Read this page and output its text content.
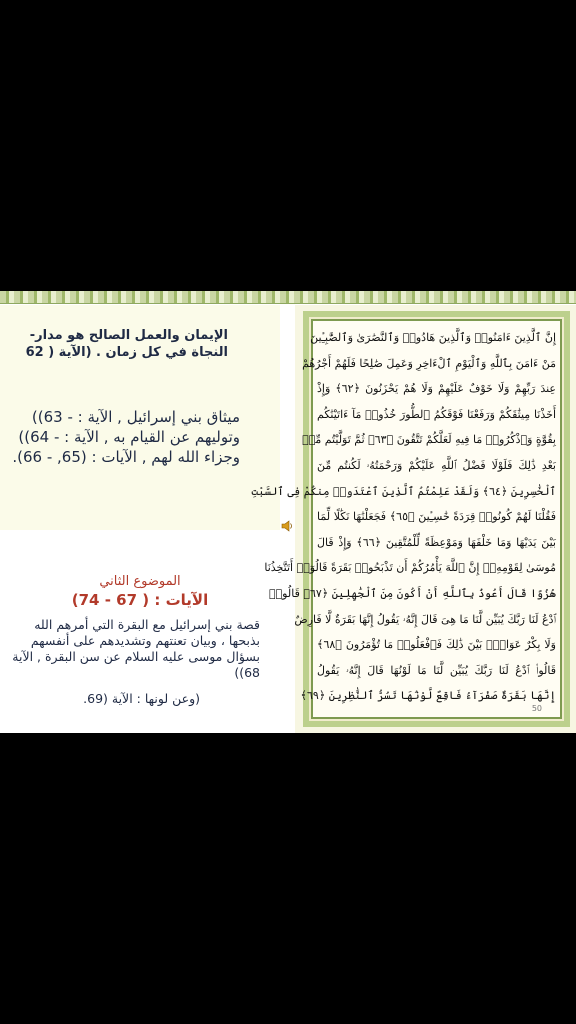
الإيمان والعمل الصالح هو مدار- النجاة في كل زمان . (الآية ( 62
ميثاق بني إسرائيل , الآية : - 63)) وتوليهم عن القيام به , الآية : - 64)) وجزاء الله لهم , الآيات : (65, - 66).
الموضوع الثاني
(الآيات : ( 67 - 74
قصة بني إسرائيل مع البقرة التي أمرهم الله بذبحها ، وبيان تعنتهم وتشديدهم على أنفسهم بسؤال موسى عليه السلام عن سن البقرة , الآية 68))
(وعن لونها : الآية (69.
إِنَّ ٱلَّذِينَ ءَامَنُوا۟ وَٱلَّذِينَ هَادُوا۟ وَٱلنَّصَٰرَىٰ وَٱلصَّٰبِـِٔينَ
مَنْ ءَامَنَ بِٱللَّهِ وَٱلْيَوْمِ ٱلْءَاخِرِ وَعَمِلَ صَٰلِحًا فَلَهُمْ أَجْرُهُمْ
عِندَ رَبِّهِمْ وَلَا خَوْفٌ عَلَيْهِمْ وَلَا هُمْ يَحْزَنُونَ ﴿٦٢﴾ وَإِذْ
أَخَذْنَا مِيثَٰقَكُمْ وَرَفَعْنَا فَوْقَكُمُ ٱلطُّورَ خُذُوا۟ مَآ ءَاتَيْنَٰكُم
بِقُوَّةٍ وَٱذْكُرُوا۟ مَا فِيهِ لَعَلَّكُمْ تَتَّقُونَ ﴿٦٣﴾ ثُمَّ تَوَلَّيْتُم مِّنۢ
بَعْدِ ذَٰلِكَ فَلَوْلَا فَضْلُ ٱللَّهِ عَلَيْكُمْ وَرَحْمَتُهُۥ لَكُنتُم مِّنَ
ٱلْخَٰسِرِينَ ﴿٦٤﴾ وَلَقَدْ عَلِمْتُمُ ٱلَّذِينَ ٱعْتَدَوا۟ مِنكُمْ فِى ٱلسَّبْتِ
فَقُلْنَا لَهُمْ كُونُوا۟ قِرَدَةً خَٰسِـِٔينَ ﴿٦٥﴾ فَجَعَلْنَٰهَا نَكَٰلًا لِّمَا
بَيْنَ يَدَيْهَا وَمَا خَلْفَهَا وَمَوْعِظَةً لِّلْمُتَّقِينَ ﴿٦٦﴾ وَإِذْ قَالَ
مُوسَىٰ لِقَوْمِهِۦٓ إِنَّ ٱللَّهَ يَأْمُرُكُمْ أَن تَذْبَحُوا۟ بَقَرَةً قَالُوٓا۟ أَتَتَّخِذُنَا
هُزُوًا قَالَ أَعُوذُ بِٱللَّهِ أَنْ أَكُونَ مِنَ ٱلْجَٰهِلِينَ ﴿٦٧﴾ قَالُوا۟
ٱدْعُ لَنَا رَبَّكَ يُبَيِّن لَّنَا مَا هِىَ قَالَ إِنَّهُۥ يَقُولُ إِنَّهَا بَقَرَةٌ لَّا فَارِضٌ
وَلَا بِكْرٌ عَوَانٌۢ بَيْنَ ذَٰلِكَ فَٱفْعَلُوا۟ مَا تُؤْمَرُونَ ﴿٦٨﴾
قَالُوا۟ ٱدْعُ لَنَا رَبَّكَ يُبَيِّن لَّنَا مَا لَوْنُهَا قَالَ إِنَّهُۥ يَقُولُ
إِنَّهَا بَقَرَةٌ صَفْرَآءُ فَاقِعٌ لَّوْنُهَا تَسُرُّ ٱلنَّٰظِرِينَ ﴿٦٩﴾
50
